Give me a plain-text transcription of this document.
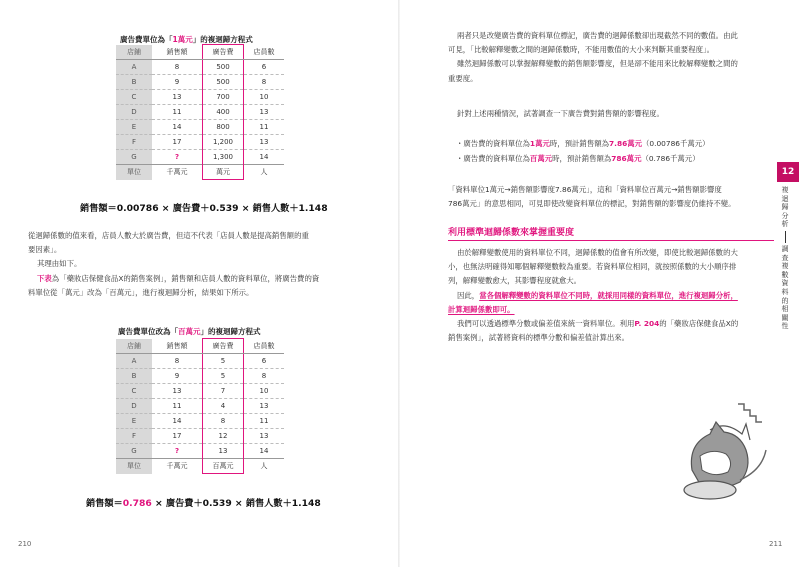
廣告費單位為「1萬元」的複迴歸方程式
店鋪	銷售額	廣告費	店員數
A	8	500	6
B	9	500	8
C	13	700	10
D	11	400	13
E	14	800	11
F	17	1,200	13
G	?	1,300	14
單位	千萬元	萬元	人
銷售額＝0.00786 × 廣告費＋0.539 × 銷售人數＋1.148
從迴歸係數的值來看，店員人數大於廣告費，但這不代表「店員人數是提高銷售額的重
要因素」。
其理由如下。
下表為「藥妝店保健食品X的銷售案例」，銷售額和店員人數的資料單位，將廣告費的資
料單位從「萬元」改為「百萬元」，進行複迴歸分析，結果如下所示。
廣告費單位改為「百萬元」的複迴歸方程式
店鋪	銷售額	廣告費	店員數
A	8	5	6
B	9	5	8
C	13	7	10
D	11	4	13
E	14	8	11
F	17	12	13
G	?	13	14
單位	千萬元	百萬元	人
銷售額＝0.786 × 廣告費＋0.539 × 銷售人數＋1.148
210
兩者只是改變廣告費的資料單位標記，廣告費的迴歸係數卻出現截然不同的數值。由此
可見，「比較解釋變數之間的迴歸係數時，不能用數值的大小來判斷其重要程度」。
雖然迴歸係數可以掌握解釋變數的銷售額影響度，但是卻不能用來比較解釋變數之間的
重要度。
針對上述兩種情況，試著調查一下廣告費對銷售額的影響程度。
・廣告費的資料單位為1萬元時，預計銷售額為7.86萬元（0.00786千萬元）
・廣告費的資料單位為百萬元時，預計銷售額為786萬元（0.786千萬元）
「資料單位1萬元→銷售額影響度7.86萬元」，這和「資料單位百萬元→銷售額影響度
786萬元」的意思相同，可見即使改變資料單位的標記，對銷售額的影響度仍維持不變。
利用標準迴歸係數來掌握重要度
由於解釋變數使用的資料單位不同，迴歸係數的值會有所改變，即使比較迴歸係數的大
小，也無法明確得知哪個解釋變數較為重要。若資料單位相同，就按照係數的大小順序排
列，解釋變數愈大，其影響程度就愈大。
因此，當各個解釋變數的資料單位不同時，就採用同樣的資料單位，進行複迴歸分析，
計算迴歸係數即可。
我們可以透過標準分數或偏差值來統一資料單位。利用P. 204的「藥妝店保健食品X的
銷售案例」，試著將資料的標準分數和偏差值計算出來。
211
12
複迴歸分析
調查複數資料的相關性
